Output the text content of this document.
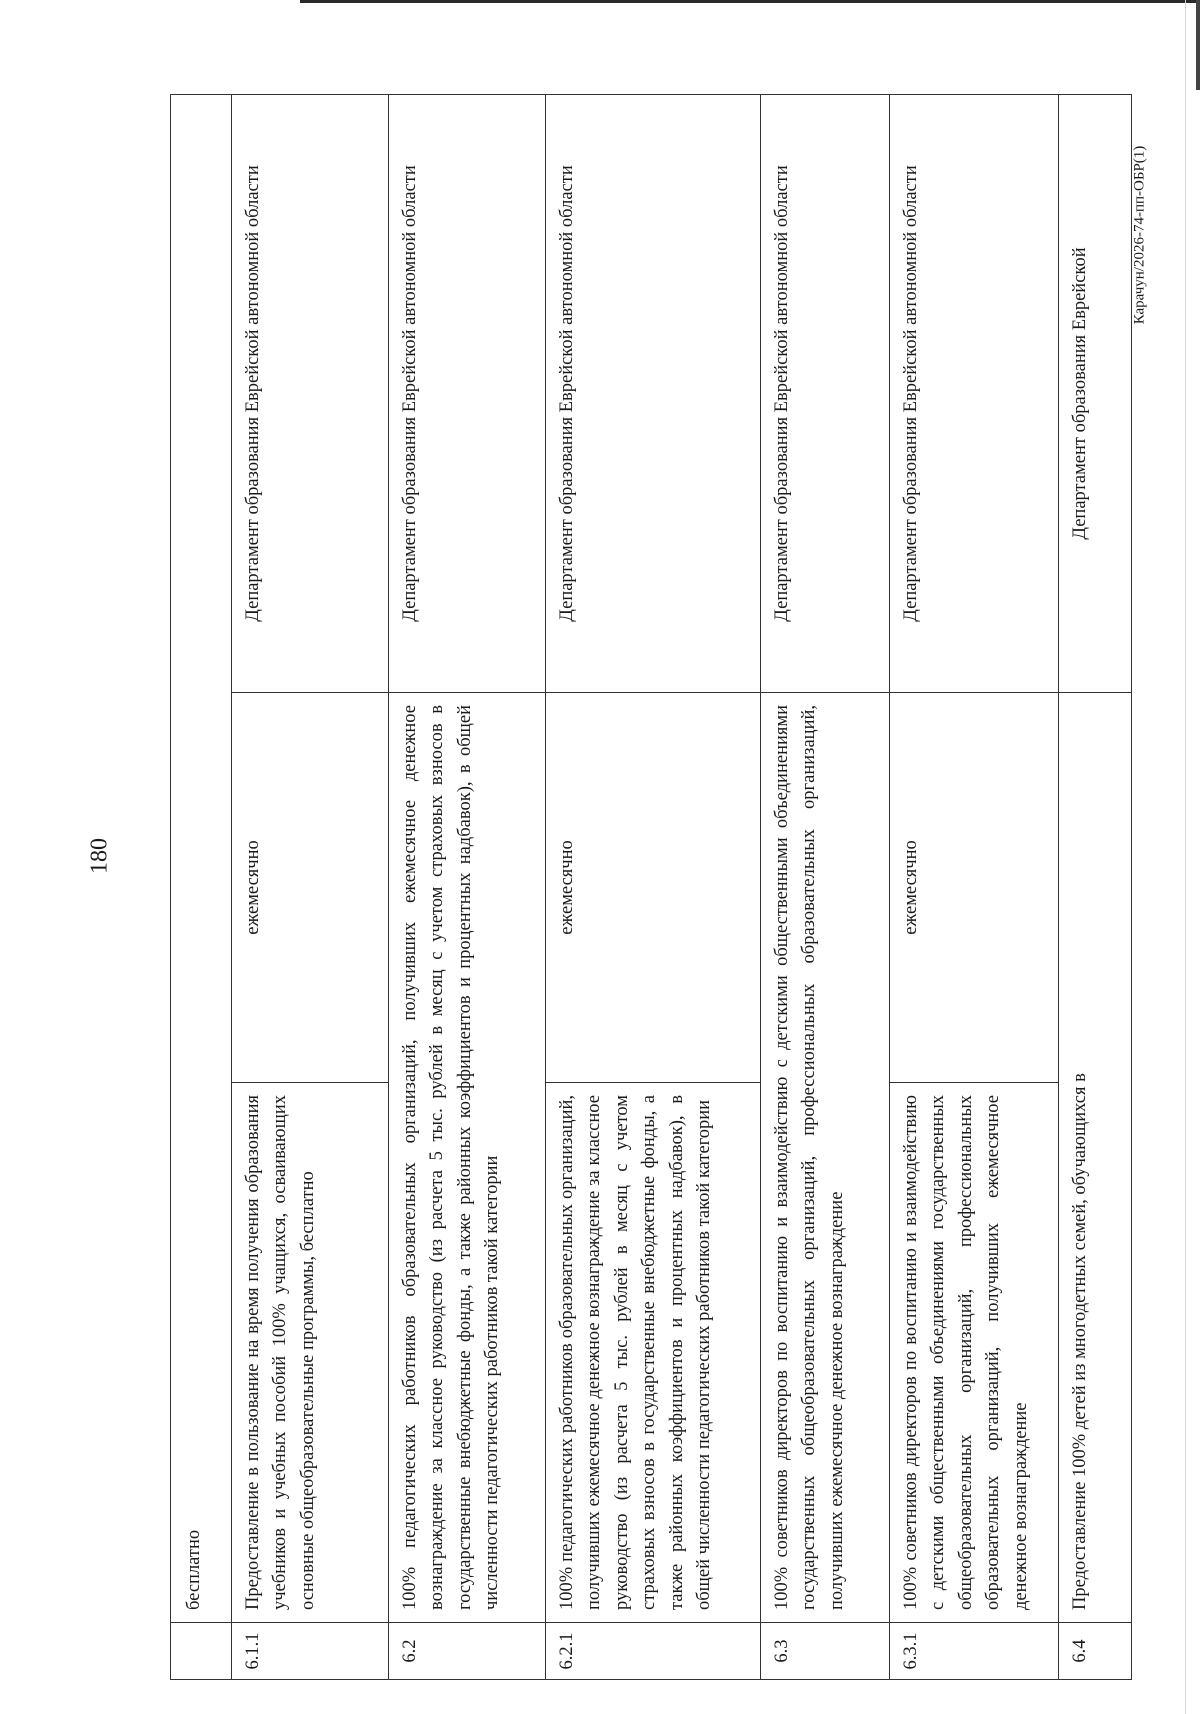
180
Карачун/2026-74-пп-ОБР(1)
	бесплатно		
6.1.1	Предоставление в пользование на время получения образования учебников и учебных пособий 100% учащихся, осваивающих основные общеобразовательные программы, бесплатно	ежемесячно	Департамент образования Еврейской автономной области
6.2	100% педагогических работников образовательных организаций, получивших ежемесячное денежное вознаграждение за классное руководство (из расчета 5 тыс. рублей в месяц с учетом страховых взносов в государственные внебюджетные фонды, а также районных коэффициентов и процентных надбавок), в общей численности педагогических работников такой категории		Департамент образования Еврейской автономной области
6.2.1	100% педагогических работников образовательных организаций, получивших ежемесячное денежное вознаграждение за классное руководство (из расчета 5 тыс. рублей в месяц с учетом страховых взносов в государственные внебюджетные фонды, а также районных коэффициентов и процентных надбавок), в общей численности педагогических работников такой категории	ежемесячно	Департамент образования Еврейской автономной области
6.3	100% советников директоров по воспитанию и взаимодействию с детскими общественными объединениями государственных общеобразовательных организаций, профессиональных образовательных организаций, получивших ежемесячное денежное вознаграждение		Департамент образования Еврейской автономной области
6.3.1	100% советников директоров по воспитанию и взаимодействию с детскими общественными объединениями государственных общеобразовательных организаций, профессиональных образовательных организаций, получивших ежемесячное денежное вознаграждение	ежемесячно	Департамент образования Еврейской автономной области
6.4	Предоставление 100% детей из многодетных семей, обучающихся в		Департамент образования Еврейской
